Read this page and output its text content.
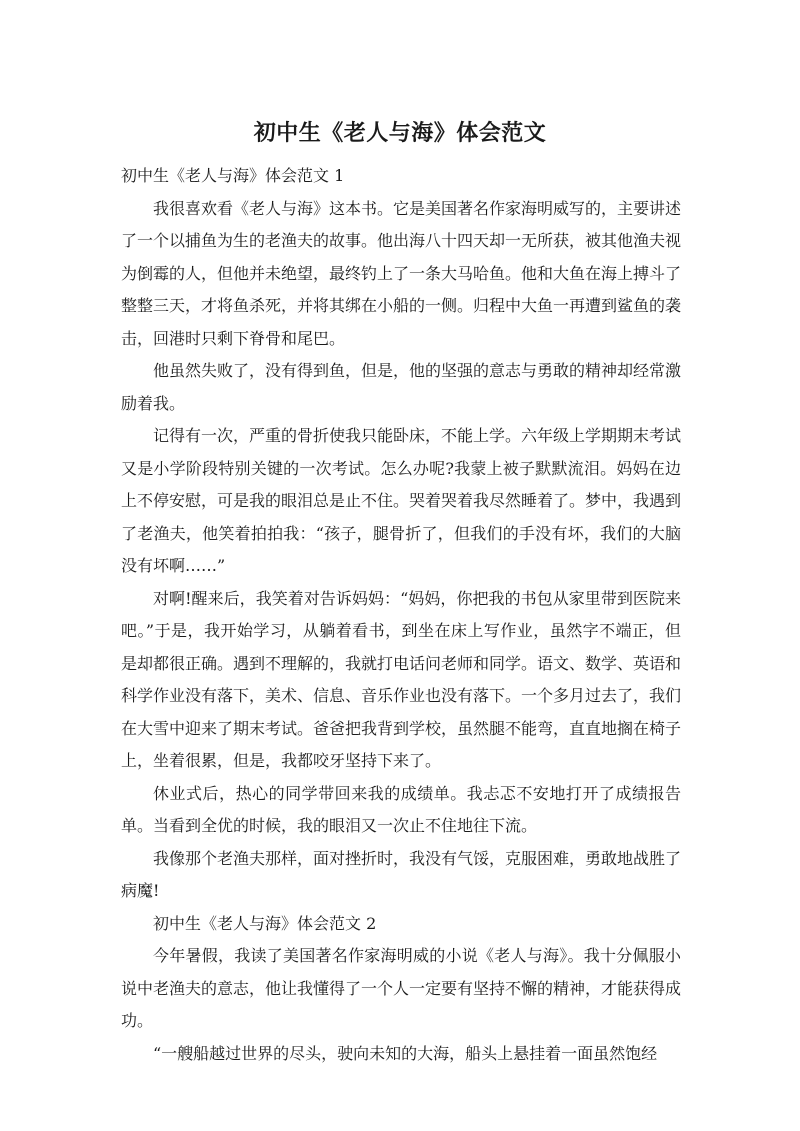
初中生《老人与海》体会范文

初中生《老人与海》体会范文 1

我很喜欢看《老人与海》这本书。它是美国著名作家海明威写的，主要讲述了一个以捕鱼为生的老渔夫的故事。他出海八十四天却一无所获，被其他渔夫视为倒霉的人，但他并未绝望，最终钓上了一条大马哈鱼。他和大鱼在海上搏斗了整整三天，才将鱼杀死，并将其绑在小船的一侧。归程中大鱼一再遭到鲨鱼的袭击，回港时只剩下脊骨和尾巴。

他虽然失败了，没有得到鱼，但是，他的坚强的意志与勇敢的精神却经常激励着我。

记得有一次，严重的骨折使我只能卧床，不能上学。六年级上学期期末考试又是小学阶段特别关键的一次考试。怎么办呢?我蒙上被子默默流泪。妈妈在边上不停安慰，可是我的眼泪总是止不住。哭着哭着我尽然睡着了。梦中，我遇到了老渔夫，他笑着拍拍我：“孩子，腿骨折了，但我们的手没有坏，我们的大脑没有坏啊……”

对啊!醒来后，我笑着对告诉妈妈：“妈妈，你把我的书包从家里带到医院来吧。”于是，我开始学习，从躺着看书，到坐在床上写作业，虽然字不端正，但是却都很正确。遇到不理解的，我就打电话问老师和同学。语文、数学、英语和科学作业没有落下，美术、信息、音乐作业也没有落下。一个多月过去了，我们在大雪中迎来了期末考试。爸爸把我背到学校，虽然腿不能弯，直直地搁在椅子上，坐着很累，但是，我都咬牙坚持下来了。

休业式后，热心的同学带回来我的成绩单。我忐忑不安地打开了成绩报告单。当看到全优的时候，我的眼泪又一次止不住地往下流。

我像那个老渔夫那样，面对挫折时，我没有气馁，克服困难，勇敢地战胜了病魔!

初中生《老人与海》体会范文 2

今年暑假，我读了美国著名作家海明威的小说《老人与海》。我十分佩服小说中老渔夫的意志，他让我懂得了一个人一定要有坚持不懈的精神，才能获得成功。

“一艘船越过世界的尽头，驶向未知的大海，船头上悬挂着一面虽然饱经
